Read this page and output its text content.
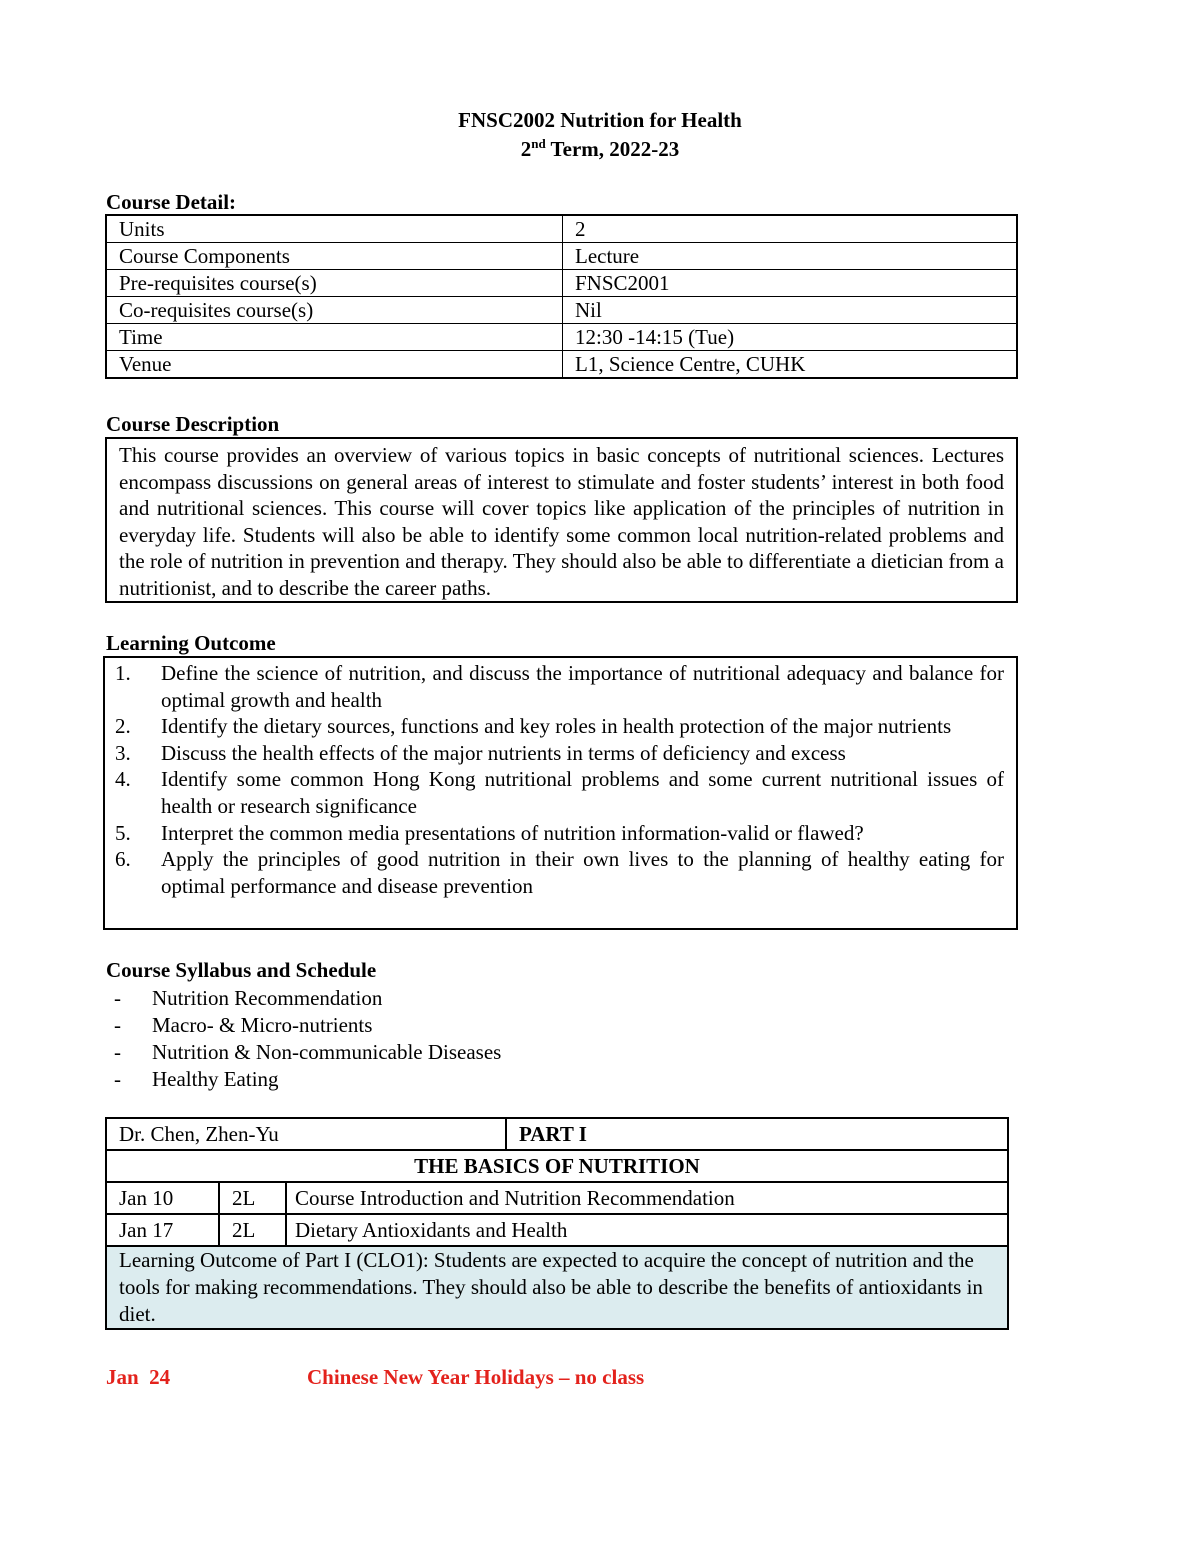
FNSC2002 Nutrition for Health
2nd Term, 2022-23
Course Detail:
Units	2
Course Components	Lecture
Pre-requisites course(s)	FNSC2001
Co-requisites course(s)	Nil
Time	12:30 -14:15 (Tue)
Venue	L1, Science Centre, CUHK
Course Description
This course provides an overview of various topics in basic concepts of nutritional sciences. Lectures encompass discussions on general areas of interest to stimulate and foster students’ interest in both food and nutritional sciences. This course will cover topics like application of the principles of nutrition in everyday life. Students will also be able to identify some common local nutrition-related problems and the role of nutrition in prevention and therapy. They should also be able to differentiate a dietician from a nutritionist, and to describe the career paths.
Learning Outcome
1.	Define the science of nutrition, and discuss the importance of nutritional adequacy and balance for optimal growth and health
2.	Identify the dietary sources, functions and key roles in health protection of the major nutrients
3.	Discuss the health effects of the major nutrients in terms of deficiency and excess
4.	Identify some common Hong Kong nutritional problems and some current nutritional issues of health or research significance
5.	Interpret the common media presentations of nutrition information-valid or flawed?
6.	Apply the principles of good nutrition in their own lives to the planning of healthy eating for optimal performance and disease prevention
Course Syllabus and Schedule
-	Nutrition Recommendation
-	Macro- & Micro-nutrients
-	Nutrition & Non-communicable Diseases
-	Healthy Eating
Dr. Chen, Zhen-Yu			PART I
THE BASICS OF NUTRITION			
Jan 10	2L	Course Introduction and Nutrition Recommendation	
Jan 17	2L	Dietary Antioxidants and Health	
Learning Outcome of Part I (CLO1): Students are expected to acquire the concept of nutrition and the tools for making recommendations. They should also be able to describe the benefits of antioxidants in diet.			
Jan  24	Chinese New Year Holidays – no class
